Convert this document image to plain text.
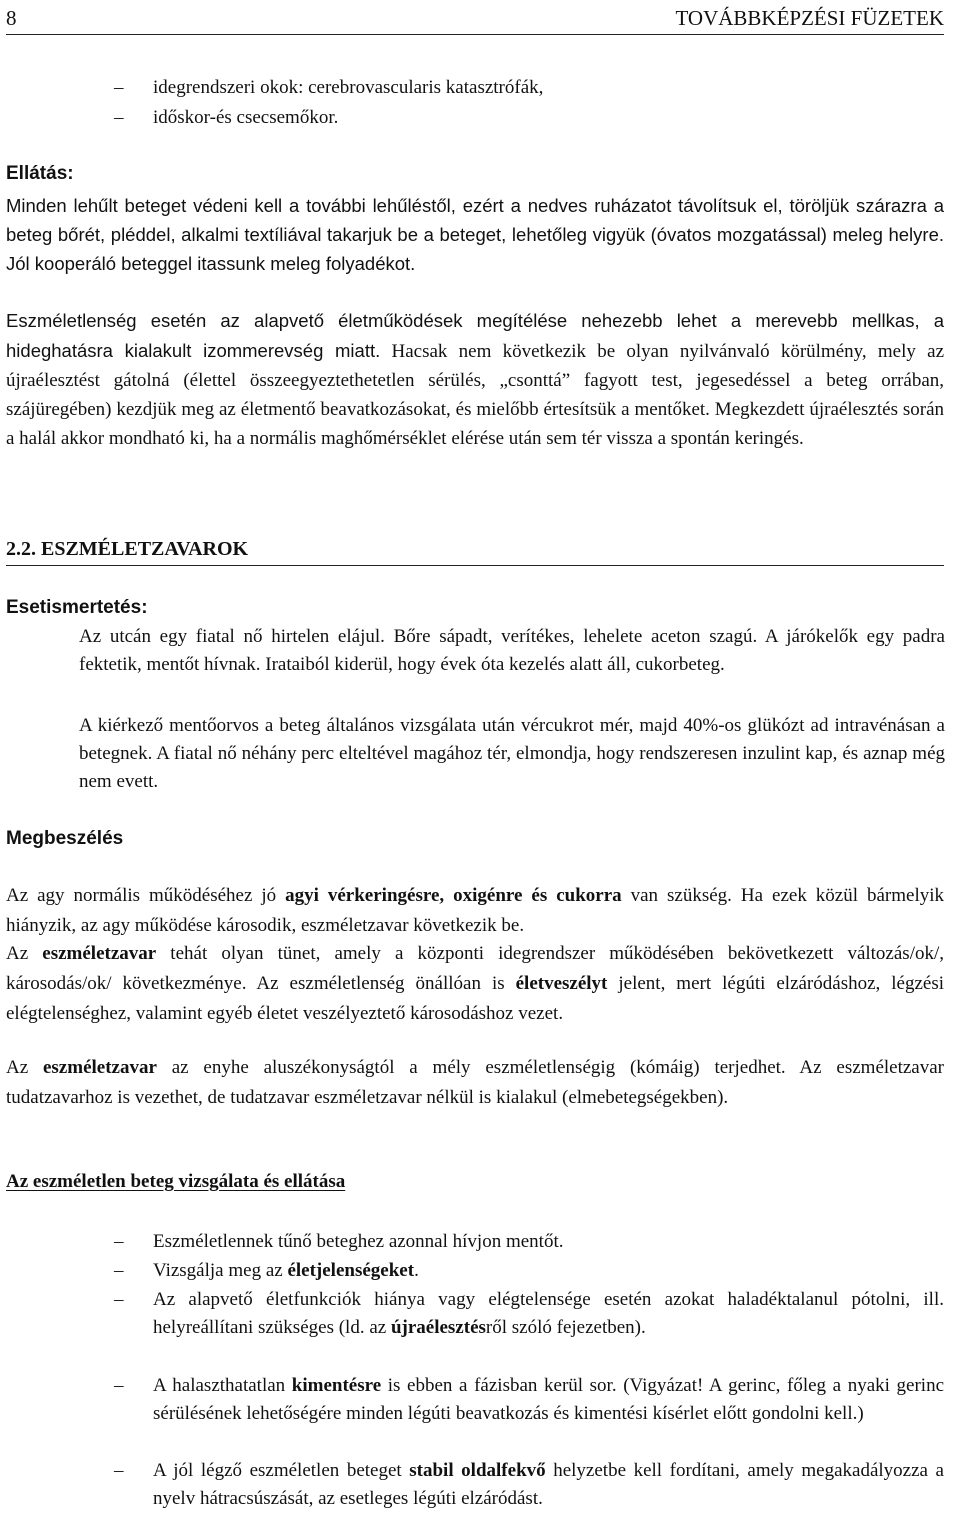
8	TOVÁBBKÉPZÉSI FÜZETEK
– idegrendszeri okok: cerebrovascularis katasztrófák,
– időskor-és csecsemőkor.
Ellátás:

Minden lehűlt beteget védeni kell a további lehűléstől, ezért a nedves ruházatot távolítsuk el, töröljük szárazra a beteg bőrét, pléddel, alkalmi textíliával takarjuk be a beteget, lehetőleg vigyük (óvatos mozgatással) meleg helyre. Jól kooperáló beteggel itassunk meleg folyadékot.

Eszméletlenség esetén az alapvető életműködések megítélése nehezebb lehet a merevebb mellkas, a hideghatásra kialakult izommerevség miatt. Hacsak nem következik be olyan nyilvánvaló körülmény, mely az újraélesztést gátolná (élettel összeegyeztethetetlen sérülés, „csonttá” fagyott test, jegesedéssel a beteg orrában, szájüregében) kezdjük meg az életmentő beavatkozásokat, és mielőbb értesítsük a mentőket. Megkezdett újraélesztés során a halál akkor mondható ki, ha a normális maghőmérséklet elérése után sem tér vissza a spontán keringés.

2.2. ESZMÉLETZAVAROK
Esetismertetés:

Az utcán egy fiatal nő hirtelen elájul. Bőre sápadt, verítékes, lehelete aceton szagú. A járókelők egy padra fektetik, mentőt hívnak. Irataiból kiderül, hogy évek óta kezelés alatt áll, cukorbeteg.

A kiérkező mentőorvos a beteg általános vizsgálata után vércukrot mér, majd 40%-os glükózt ad intravénásan a betegnek. A fiatal nő néhány perc elteltével magához tér, elmondja, hogy rendszeresen inzulint kap, és aznap még nem evett.

Megbeszélés

Az agy normális működéséhez jó agyi vérkeringésre, oxigénre és cukorra van szükség. Ha ezek közül bármelyik hiányzik, az agy működése károsodik, eszméletzavar következik be.

Az eszméletzavar tehát olyan tünet, amely a központi idegrendszer működésében bekövetkezett változás/ok/, károsodás/ok/ következménye. Az eszméletlenség önállóan is életveszélyt jelent, mert légúti elzáródáshoz, légzési elégtelenséghez, valamint egyéb életet veszélyeztető károsodáshoz vezet.

Az eszméletzavar az enyhe aluszékonyságtól a mély eszméletlenségig (kómáig) terjedhet. Az eszméletzavar tudatzavarhoz is vezethet, de tudatzavar eszméletzavar nélkül is kialakul (elmebetegségekben).

Az eszméletlen beteg vizsgálata és ellátása
– Eszméletlennek tűnő beteghez azonnal hívjon mentőt.
– Vizsgálja meg az életjelenségeket.
– Az alapvető életfunkciók hiánya vagy elégtelensége esetén azokat haladéktalanul pótolni, ill. helyreállítani szükséges (ld. az újraélesztésről szóló fejezetben).
– A halaszthatatlan kimentésre is ebben a fázisban kerül sor. (Vigyázat! A gerinc, főleg a nyaki gerinc sérülésének lehetőségére minden légúti beavatkozás és kimentési kísérlet előtt gondolni kell.)
– A jól légző eszméletlen beteget stabil oldalfekvő helyzetbe kell fordítani, amely megakadályozza a nyelv hátracsúszását, az esetleges légúti elzáródást.
